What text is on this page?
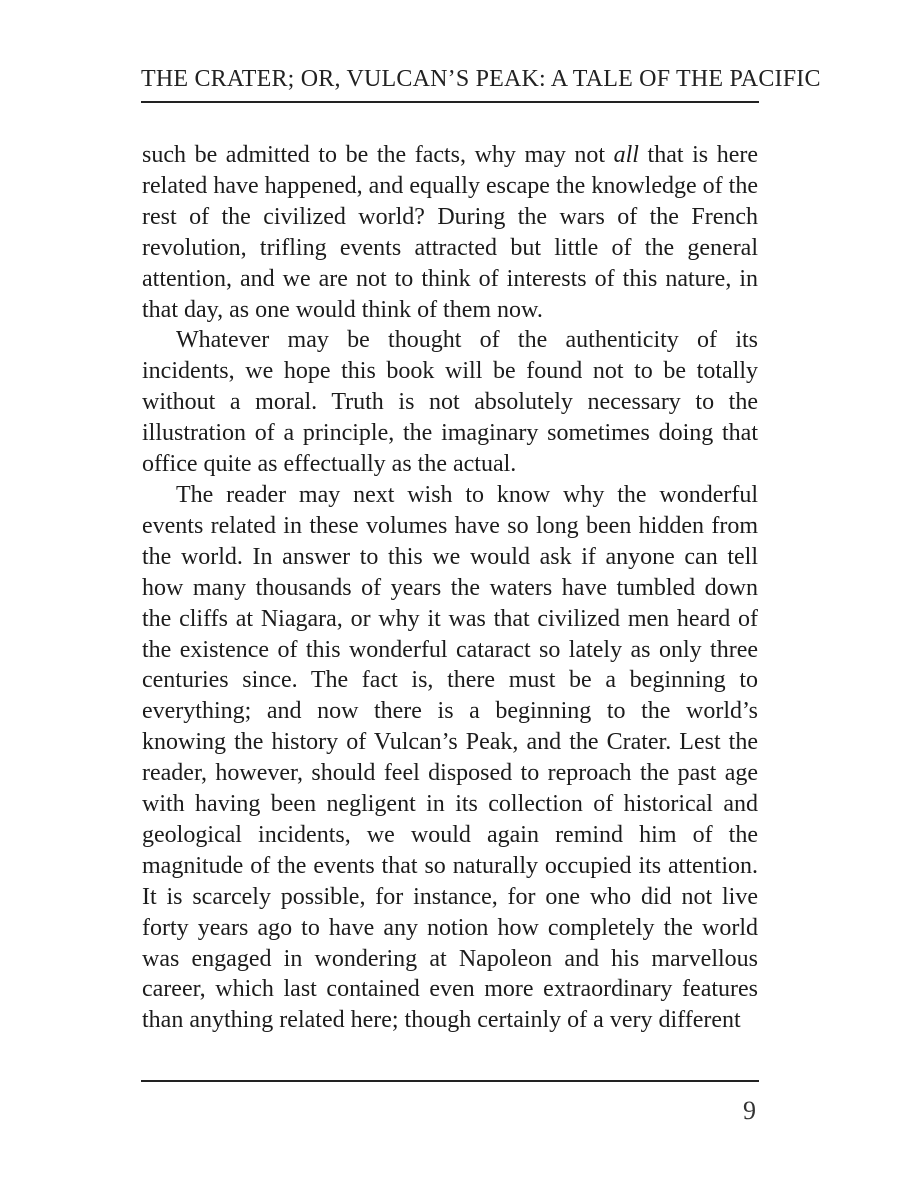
THE CRATER; OR, VULCAN’S PEAK: A TALE OF THE PACIFIC

such be admitted to be the facts, why may not all that is here related have happened, and equally escape the knowledge of the rest of the civilized world? During the wars of the French revolution, trifling events attracted but little of the general attention, and we are not to think of interests of this nature, in that day, as one would think of them now.

Whatever may be thought of the authenticity of its incidents, we hope this book will be found not to be totally without a moral. Truth is not absolutely necessary to the illustration of a principle, the imaginary sometimes doing that office quite as effectually as the actual.

The reader may next wish to know why the wonderful events related in these volumes have so long been hidden from the world. In answer to this we would ask if anyone can tell how many thousands of years the waters have tumbled down the cliffs at Niagara, or why it was that civilized men heard of the existence of this wonderful cataract so lately as only three centuries since. The fact is, there must be a beginning to everything; and now there is a beginning to the world’s knowing the history of Vulcan’s Peak, and the Crater. Lest the reader, however, should feel disposed to reproach the past age with having been negligent in its collection of historical and geological incidents, we would again remind him of the magnitude of the events that so naturally occupied its attention. It is scarcely possible, for instance, for one who did not live forty years ago to have any notion how completely the world was engaged in wondering at Napoleon and his marvellous career, which last contained even more extraordinary features than anything related here; though certainly of a very different

9
